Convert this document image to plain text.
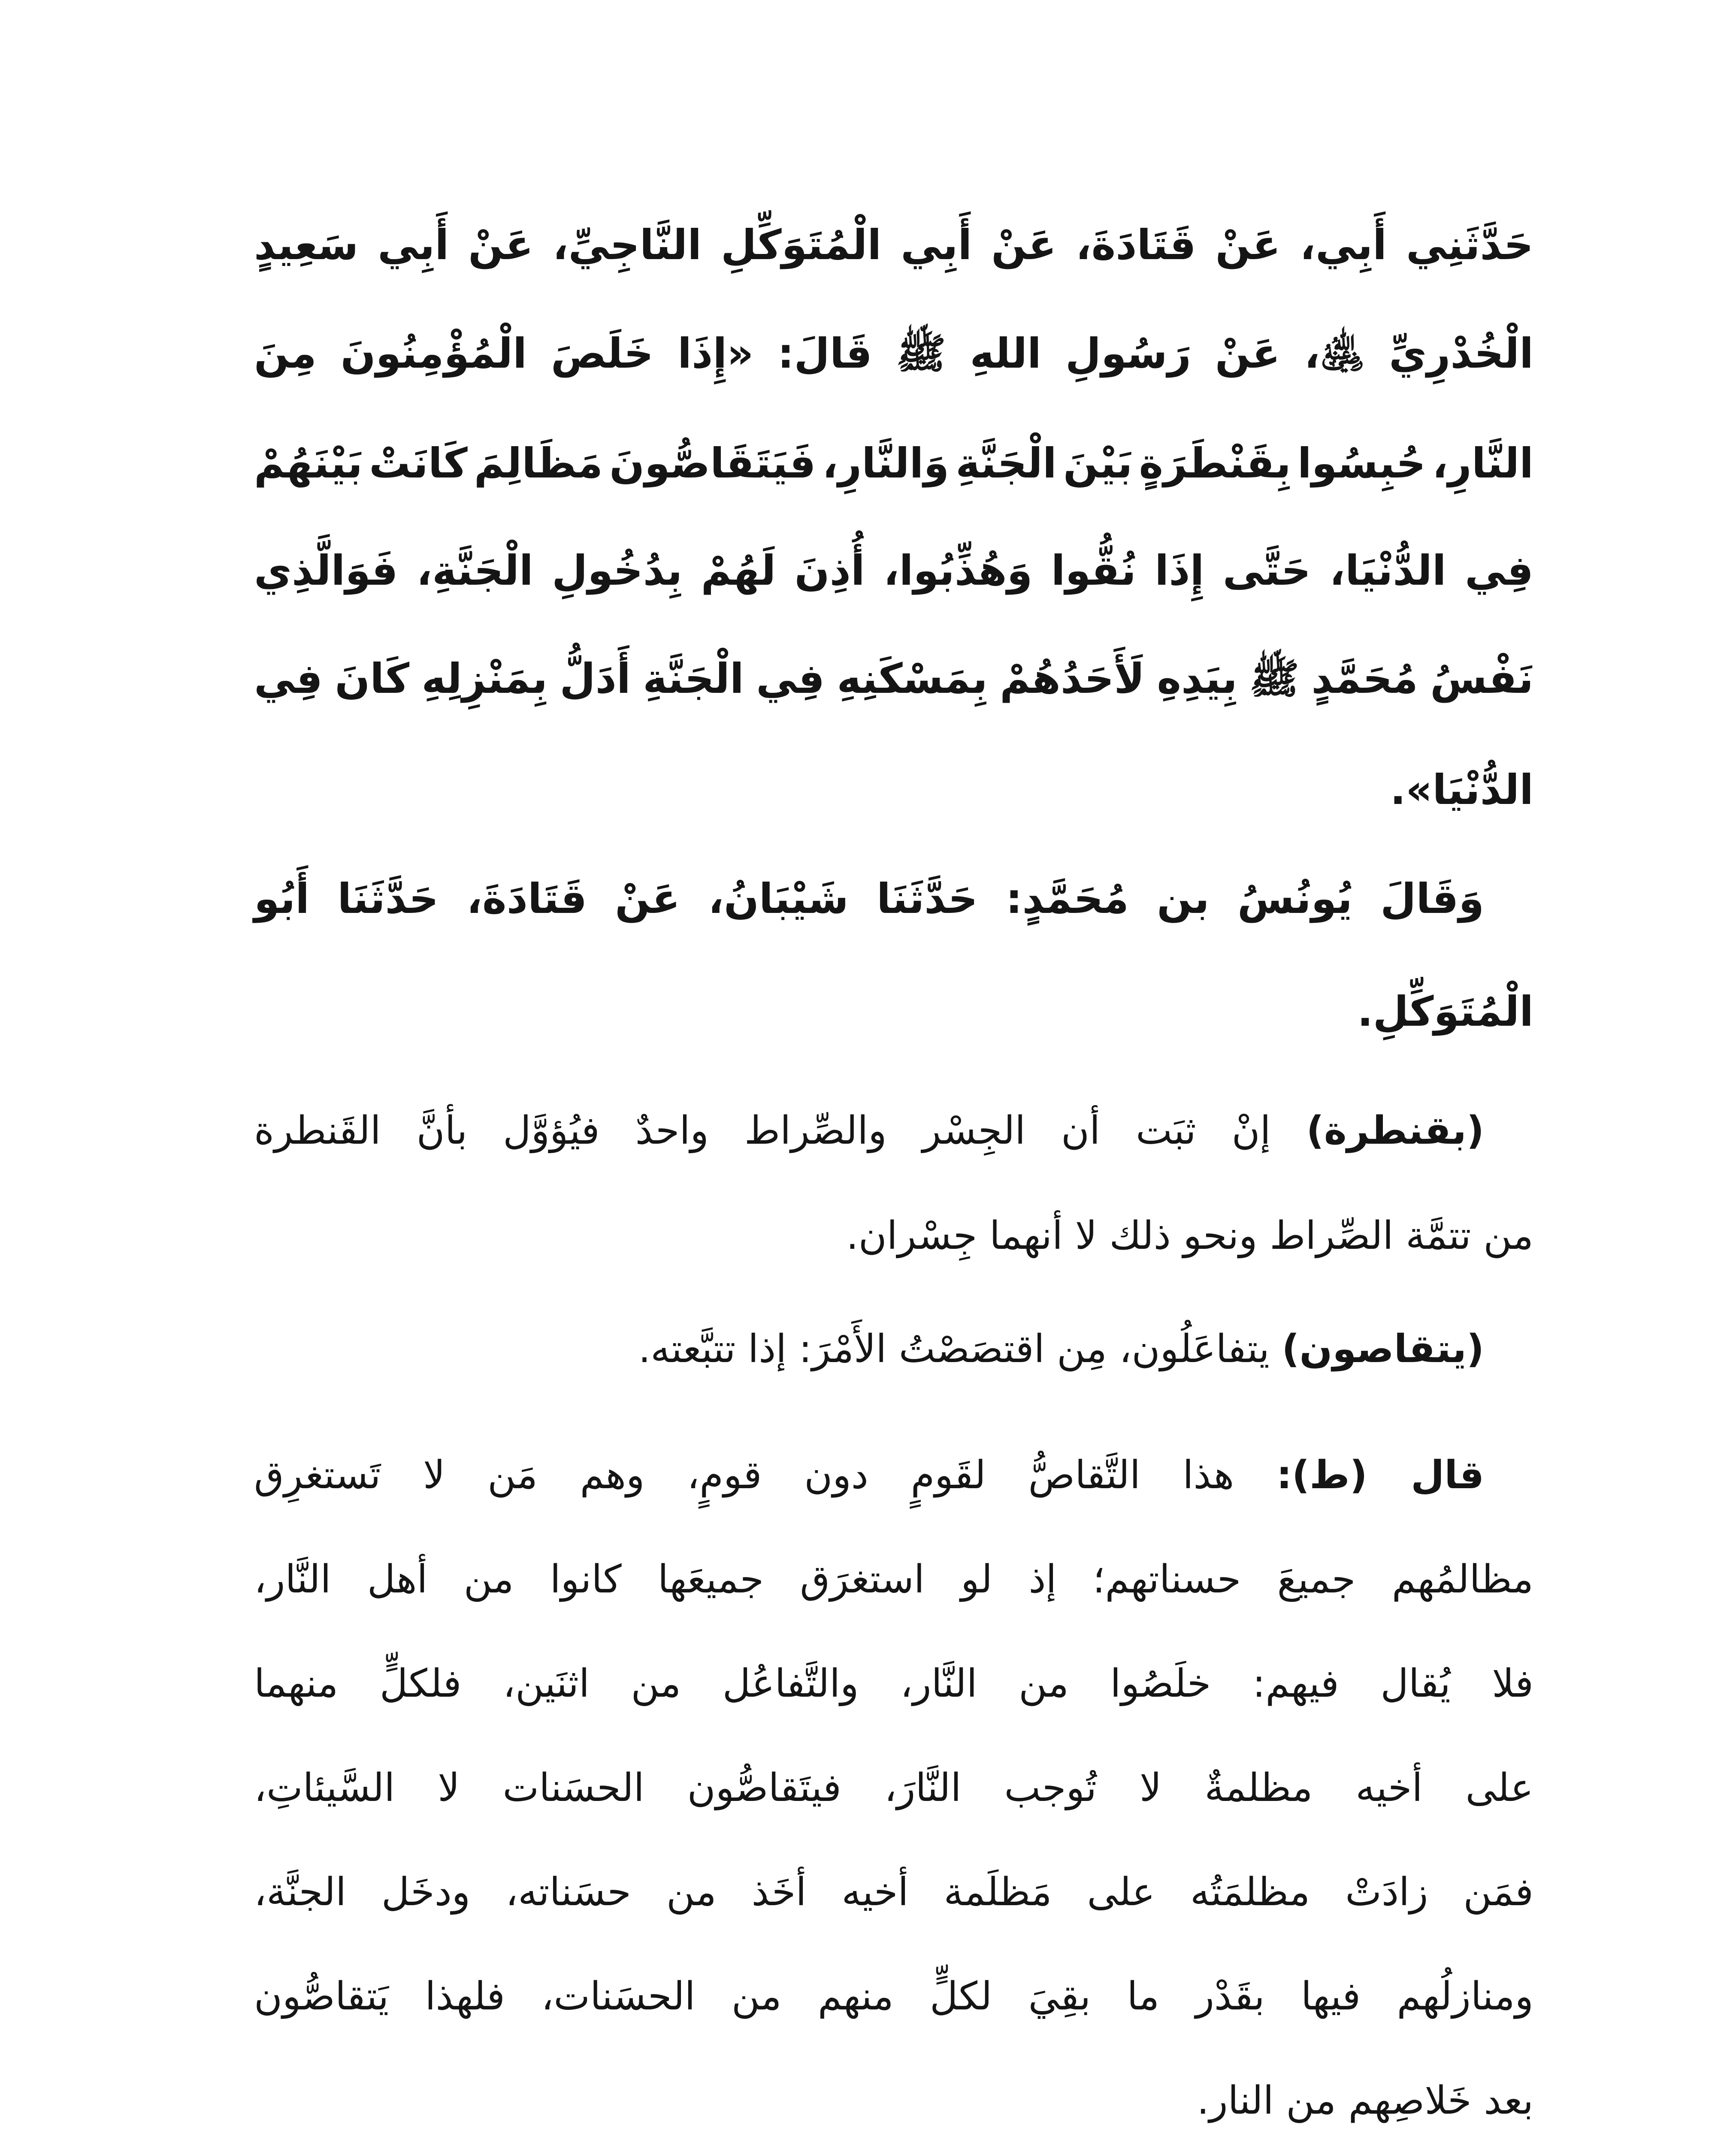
حَدَّثَنِي أَبِي، عَنْ قَتَادَةَ، عَنْ أَبِي الْمُتَوَكِّلِ النَّاجِيِّ، عَنْ أَبِي سَعِيدٍ
الْخُدْرِيِّ ﵁، عَنْ رَسُولِ اللهِ ﷺ قَالَ: «إِذَا خَلَصَ الْمُؤْمِنُونَ مِنَ
النَّارِ، حُبِسُوا بِقَنْطَرَةٍ بَيْنَ الْجَنَّةِ وَالنَّارِ، فَيَتَقَاصُّونَ مَظَالِمَ كَانَتْ بَيْنَهُمْ
فِي الدُّنْيَا، حَتَّى إِذَا نُقُّوا وَهُذِّبُوا، أُذِنَ لَهُمْ بِدُخُولِ الْجَنَّةِ، فَوَالَّذِي
نَفْسُ مُحَمَّدٍ ﷺ بِيَدِهِ لَأَحَدُهُمْ بِمَسْكَنِهِ فِي الْجَنَّةِ أَدَلُّ بِمَنْزِلِهِ كَانَ فِي
الدُّنْيَا».
وَقَالَ يُونُسُ بن مُحَمَّدٍ: حَدَّثَنَا شَيْبَانُ، عَنْ قَتَادَةَ، حَدَّثَنَا أَبُو
الْمُتَوَكِّلِ.
(بقنطرة) إنْ ثبَت أن الجِسْر والصِّراط واحدٌ فيُؤوَّل بأنَّ القَنطرة
من تتمَّة الصِّراط ونحو ذلك لا أنهما جِسْران.
(يتقاصون) يتفاعَلُون، مِن اقتصَصْتُ الأَمْرَ: إذا تتبَّعته.
قال (ط): هذا التَّقاصُّ لقَومٍ دون قومٍ، وهم مَن لا تَستغرِق
مظالمُهم جميعَ حسناتهم؛ إذ لو استغرَق جميعَها كانوا من أهل النَّار،
فلا يُقال فيهم: خلَصُوا من النَّار، والتَّفاعُل من اثنَين، فلكلٍّ منهما
على أخيه مظلمةٌ لا تُوجب النَّارَ، فيتَقاصُّون الحسَنات لا السَّيئاتِ،
فمَن زادَتْ مظلمَتُه على مَظلَمة أخيه أخَذ من حسَناته، ودخَل الجنَّة،
ومنازلُهم فيها بقَدْر ما بقِيَ لكلٍّ منهم من الحسَنات، فلهذا يَتقاصُّون
بعد خَلاصِهم من النار.
